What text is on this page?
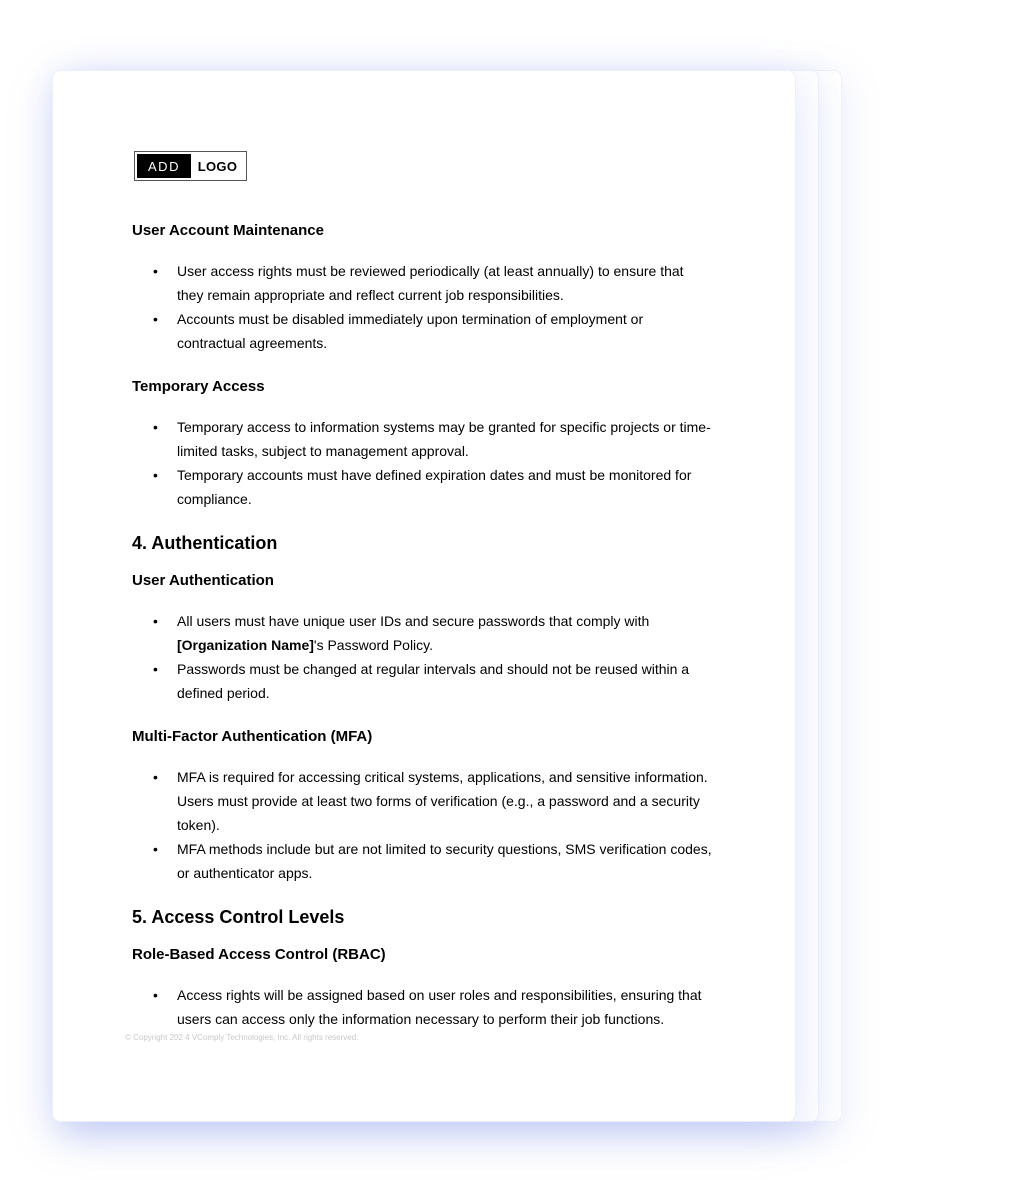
ADD	LOGO
User Account Maintenance
• User access rights must be reviewed periodically (at least annually) to ensure that they remain appropriate and reflect current job responsibilities.
• Accounts must be disabled immediately upon termination of employment or contractual agreements.
Temporary Access
• Temporary access to information systems may be granted for specific projects or time-limited tasks, subject to management approval.
• Temporary accounts must have defined expiration dates and must be monitored for compliance.
4. Authentication
User Authentication
• All users must have unique user IDs and secure passwords that comply with [Organization Name]'s Password Policy.
• Passwords must be changed at regular intervals and should not be reused within a defined period.
Multi-Factor Authentication (MFA)
• MFA is required for accessing critical systems, applications, and sensitive information. Users must provide at least two forms of verification (e.g., a password and a security token).
• MFA methods include but are not limited to security questions, SMS verification codes, or authenticator apps.
5. Access Control Levels
Role-Based Access Control (RBAC)
• Access rights will be assigned based on user roles and responsibilities, ensuring that users can access only the information necessary to perform their job functions.
© Copyright 202 4 VComply Technologies, Inc. All rights reserved.
